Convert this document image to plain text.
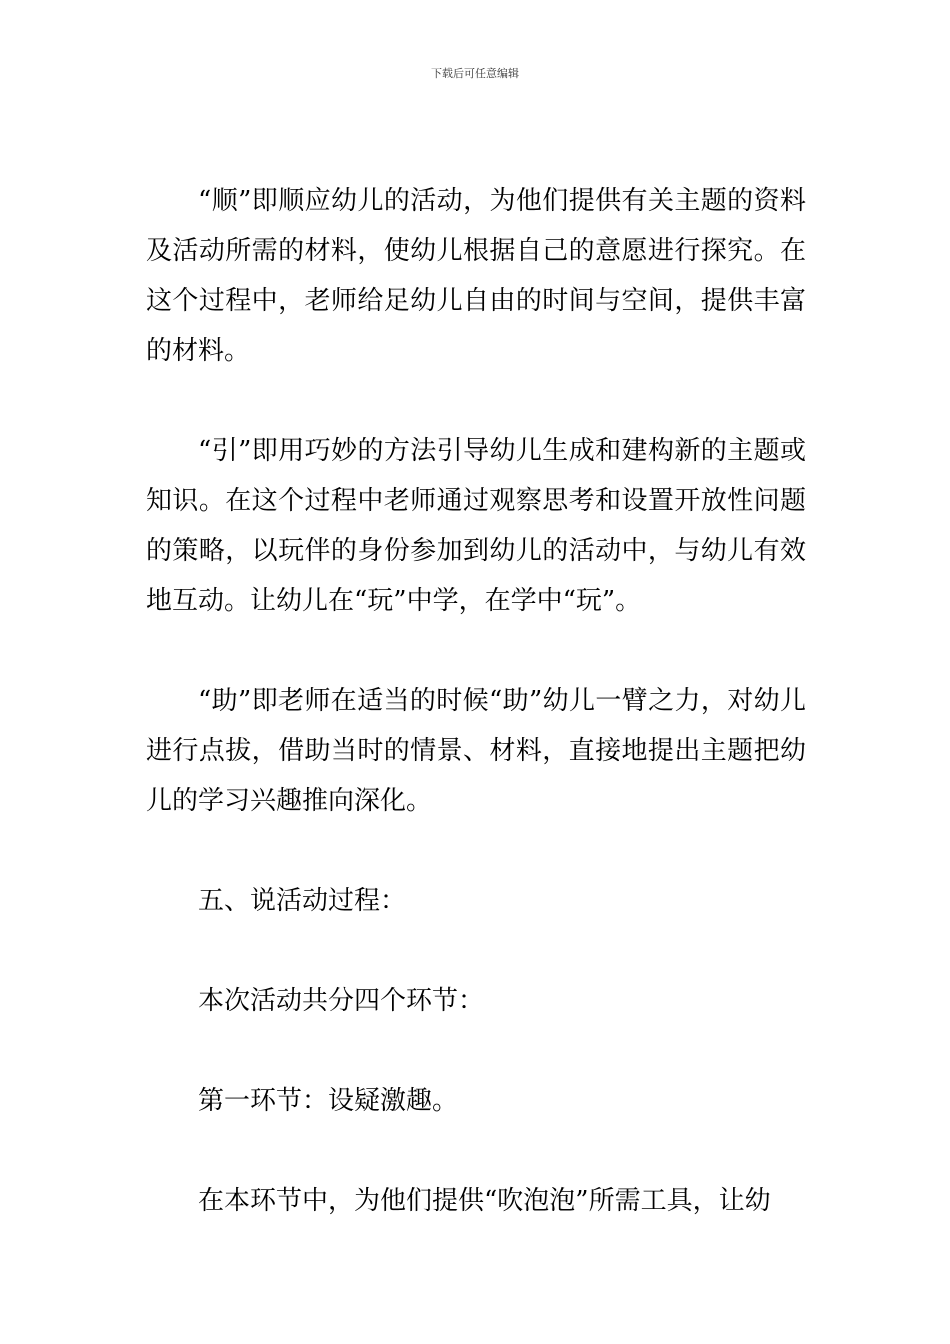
下载后可任意编辑

“顺”即顺应幼儿的活动，为他们提供有关主题的资料及活动所需的材料，使幼儿根据自己的意愿进行探究。在这个过程中，老师给足幼儿自由的时间与空间，提供丰富的材料。

“引”即用巧妙的方法引导幼儿生成和建构新的主题或知识。在这个过程中老师通过观察思考和设置开放性问题的策略，以玩伴的身份参加到幼儿的活动中，与幼儿有效地互动。让幼儿在“玩”中学，在学中“玩”。

“助”即老师在适当的时候“助”幼儿一臂之力，对幼儿进行点拔，借助当时的情景、材料，直接地提出主题把幼儿的学习兴趣推向深化。

五、说活动过程：

本次活动共分四个环节：

第一环节：设疑激趣。

在本环节中，为他们提供“吹泡泡”所需工具，让幼
